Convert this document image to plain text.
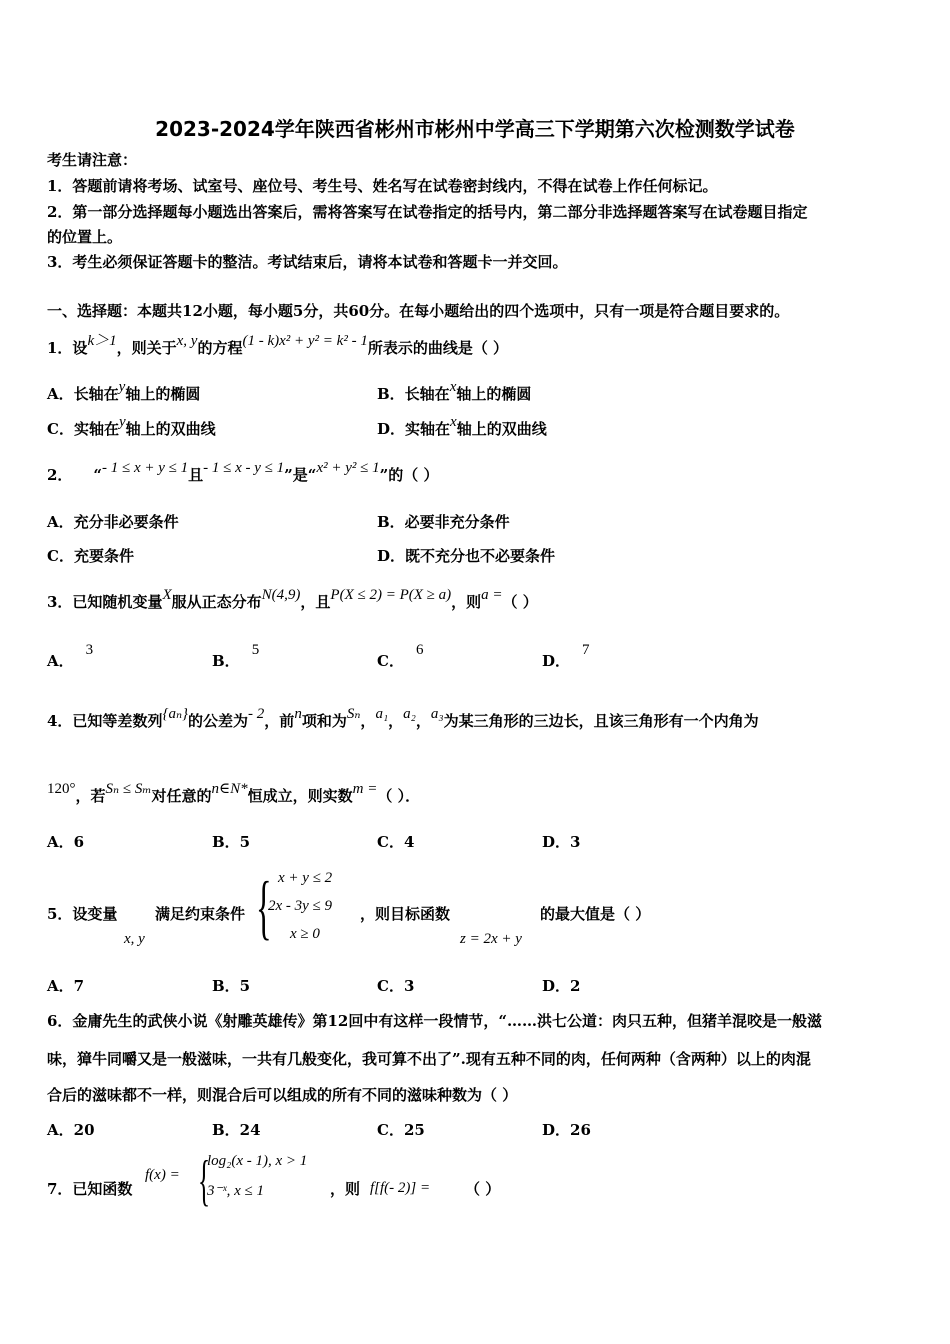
2023-2024学年陕西省彬州市彬州中学高三下学期第六次检测数学试卷
考生请注意：
1．答题前请将考场、试室号、座位号、考生号、姓名写在试卷密封线内，不得在试卷上作任何标记。
2．第一部分选择题每小题选出答案后，需将答案写在试卷指定的括号内，第二部分非选择题答案写在试卷题目指定
的位置上。
3．考生必须保证答题卡的整洁。考试结束后，请将本试卷和答题卡一并交回。
一、选择题：本题共12小题，每小题5分，共60分。在每小题给出的四个选项中，只有一项是符合题目要求的。
1．设k＞1，则关于x, y的方程(1 - k)x² + y² = k² - 1所表示的曲线是（ ）
A．长轴在y轴上的椭圆	B．长轴在x轴上的椭圆
C．实轴在y轴上的双曲线	D．实轴在x轴上的双曲线
2． “- 1 ≤ x + y ≤ 1且- 1 ≤ x - y ≤ 1”是“x² + y² ≤ 1”的（ ）
A．充分非必要条件	B．必要非充分条件
C．充要条件	D．既不充分也不必要条件
3．已知随机变量X服从正态分布N(4,9)，且P(X ≤ 2) = P(X ≥ a)，则a =（ ）
A．3
B．5
C．6
D．7
4．已知等差数列{aₙ}的公差为- 2，前n项和为Sₙ，a₁，a₂，a₃为某三角形的三边长，且该三角形有一个内角为
120°，若Sₙ ≤ Sₘ对任意的n∈N*恒成立，则实数m =（ ）．
A．6	B．5	C．4	D．3
5．设变量
x, y
满足约束条件 { x + y ≤ 2
2x - 3y ≤ 9
x ≥ 0
，则目标函数
z = 2x + y
的最大值是（ ）
A．7	B．5	C．3	D．2
6．金庸先生的武侠小说《射雕英雄传》第12回中有这样一段情节，“……洪七公道：肉只五种，但猪羊混咬是一般滋
味，獐牛同嚼又是一般滋味，一共有几般变化，我可算不出了”.现有五种不同的肉，任何两种（含两种）以上的肉混
合后的滋味都不一样，则混合后可以组成的所有不同的滋味种数为（ ）
A．20	B．24	C．25	D．26
7．已知函数
f(x) = {
log₂(x - 1), x > 1
3⁻ˣ, x ≤ 1	，则 f[f(- 2)] = （ ）
